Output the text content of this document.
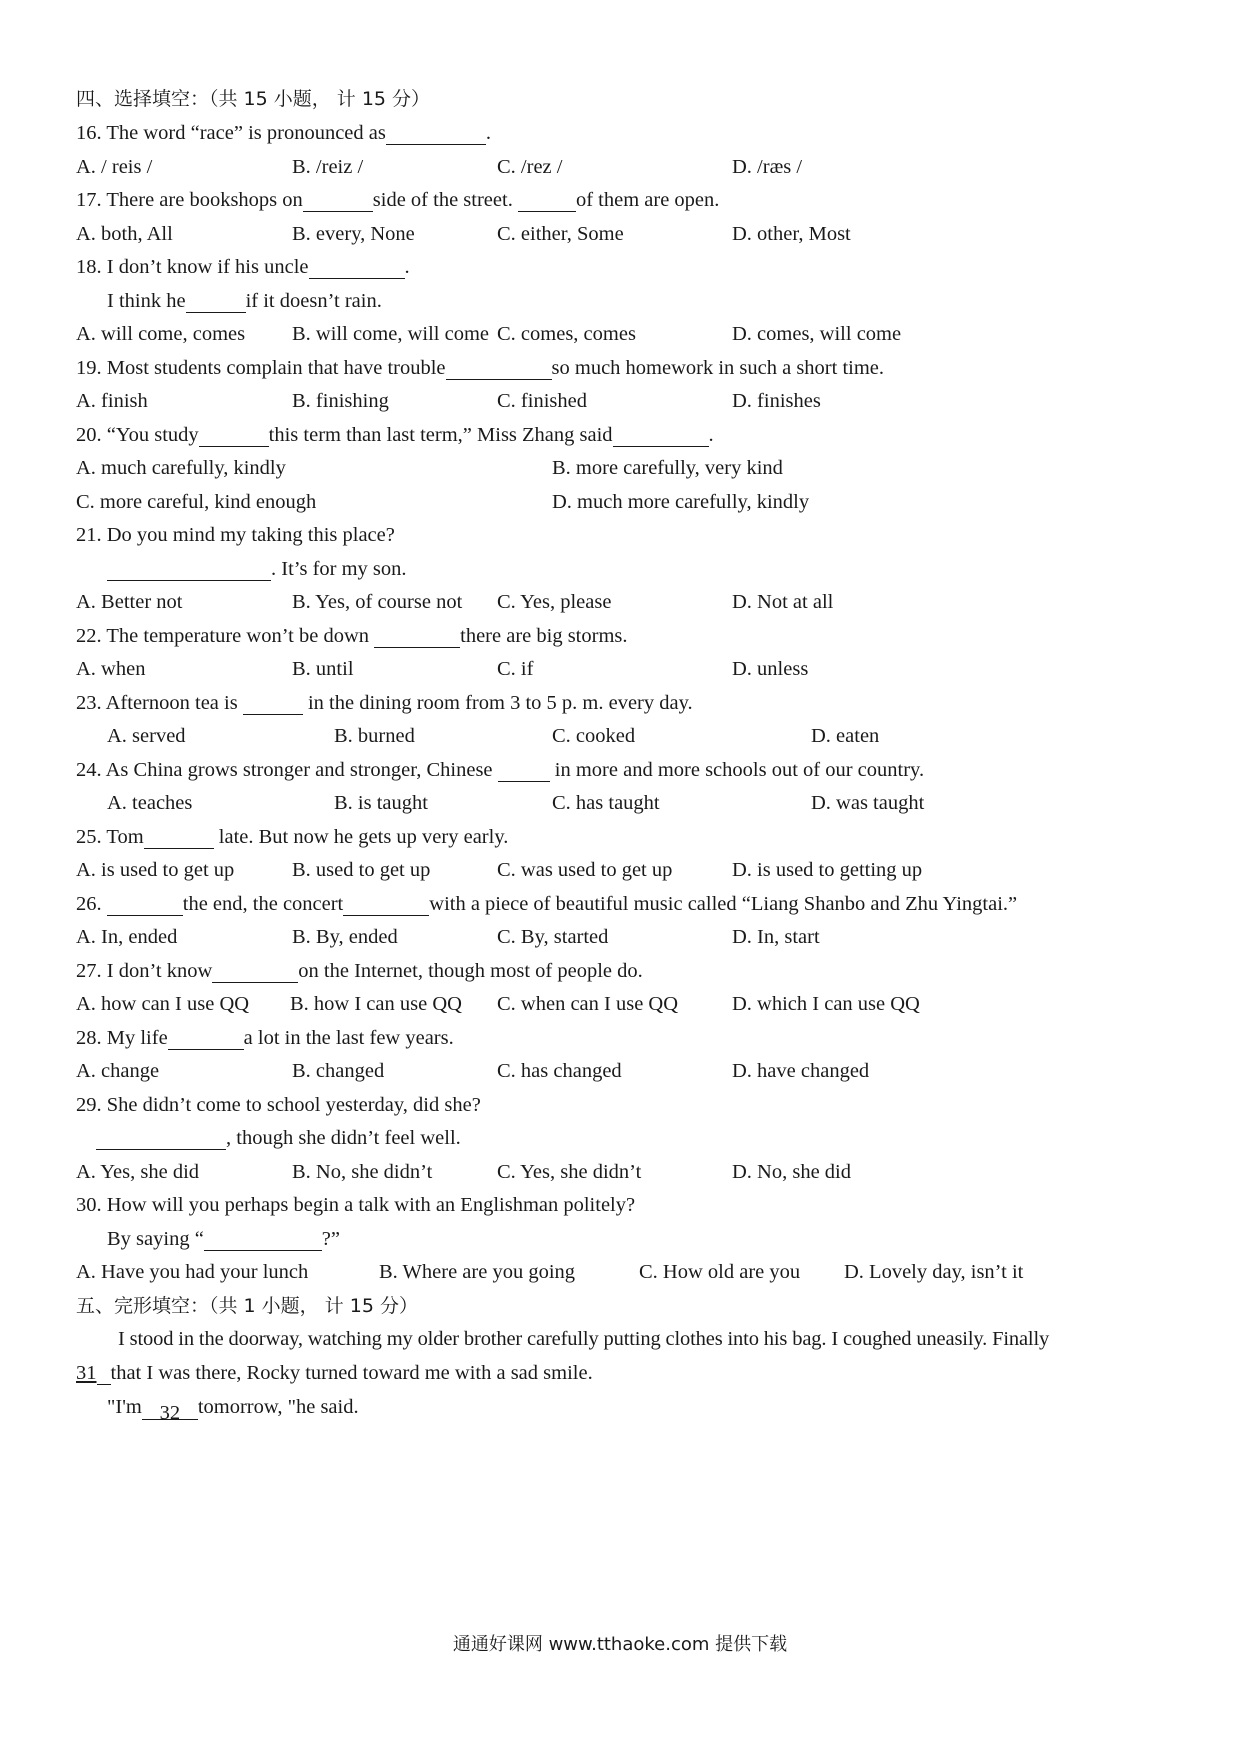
四、选择填空：（共 15 小题， 计 15 分）
16. The word “race” is pronounced as	.
A. / reis /	B. /reiz /	C. /rez /	D. /ræs /
17. There are bookshops on	side of the street.	of them are open.
A. both, All	B. every, None	C. either, Some	D. other, Most
18. I don’t know if his uncle	.
I think he	if it doesn’t rain.
A. will come, comes B. will come, will come C. comes, comes	D. comes, will come
19. Most students complain that have trouble	so much homework in such a short time.
A. finish	B. finishing	C. finished	D. finishes
20. “You study	this term than last term,” Miss Zhang said	.
A. much carefully, kindly	B. more carefully, very kind
C. more careful, kind enough	D. much more carefully, kindly
21. Do you mind my taking this place?
. It’s for my son.
A. Better not	B. Yes, of course not C. Yes, please	D. Not at all
22. The temperature won’t be down	there are big storms.
A. when	B. until	C. if	D. unless
23. Afternoon tea is	in the dining room from 3 to 5 p. m. every day.
A. served	B. burned	C. cooked	D. eaten
24. As China grows stronger and stronger, Chinese	in more and more schools out of our country.
A. teaches	B. is taught	C. has taught	D. was taught
25. Tom	late. But now he gets up very early.
A. is used to get up	B. used to get up	C. was used to get up	D. is used to getting up
26.	the end, the concert	with a piece of beautiful music called “Liang Shanbo and Zhu Yingtai.”
A. In, ended	B. By, ended	C. By, started	D. In, start
27. I don’t know	on the Internet, though most of people do.
A. how can I use QQ B. how I can use QQ C. when can I use QQ	D. which I can use QQ
28. My life	a lot in the last few years.
A. change	B. changed	C. has changed	D. have changed
29. She didn’t come to school yesterday, did she?
, though she didn’t feel well.
A. Yes, she did	B. No, she didn’t	C. Yes, she didn’t	D. No, she did
30. How will you perhaps begin a talk with an Englishman politely?
By saying “	?”
A. Have you had your lunch	B. Where are you going	C. How old are you D. Lovely day, isn’t it
五、完形填空：（共 1 小题， 计 15 分）
I stood in the doorway, watching my older brother carefully putting clothes into his bag. I coughed uneasily. Finally
31 that I was there, Rocky turned toward me with a sad smile.
"I'm 32 tomorrow, "he said.
通通好课网 www.tthaoke.com 提供下载
